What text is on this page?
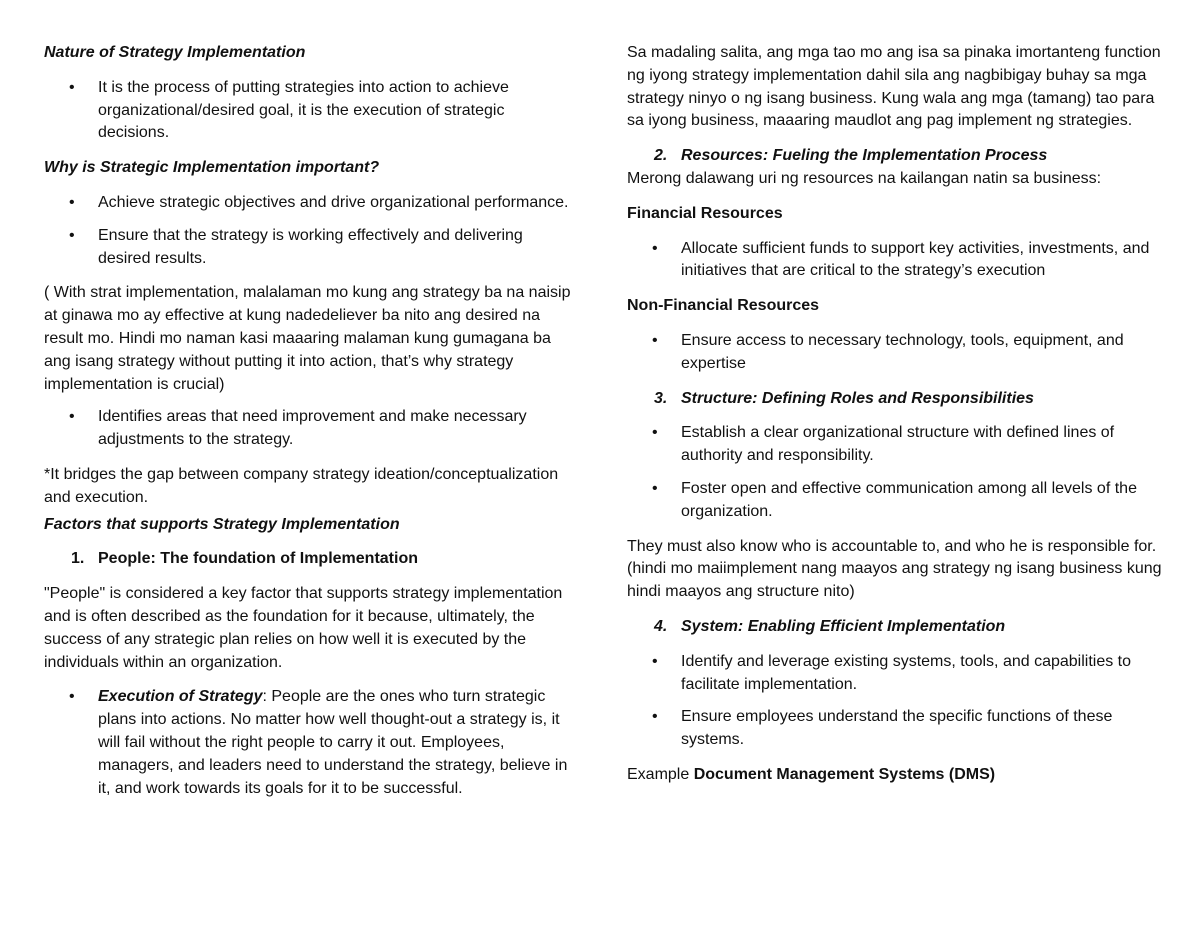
Nature of Strategy Implementation

• It is the process of putting strategies into action to achieve organizational/desired goal, it is the execution of strategic decisions.

Why is Strategic Implementation important?

• Achieve strategic objectives and drive organizational performance.
• Ensure that the strategy is working effectively and delivering desired results.

( With strat implementation, malalaman mo kung ang strategy ba na naisip at ginawa mo ay effective at kung nadedeliever ba nito ang desired na result mo. Hindi mo naman kasi maaaring malaman kung gumagana ba ang isang strategy without putting it into action, that’s why strategy implementation is crucial)

• Identifies areas that need improvement and make necessary adjustments to the strategy.

*It bridges the gap between company strategy ideation/conceptualization and execution.

Factors that supports Strategy Implementation

1. People: The foundation of Implementation

"People" is considered a key factor that supports strategy implementation and is often described as the foundation for it because, ultimately, the success of any strategic plan relies on how well it is executed by the individuals within an organization.

• Execution of Strategy: People are the ones who turn strategic plans into actions. No matter how well thought-out a strategy is, it will fail without the right people to carry it out. Employees, managers, and leaders need to understand the strategy, believe in it, and work towards its goals for it to be successful.

Sa madaling salita, ang mga tao mo ang isa sa pinaka imortanteng function ng iyong strategy implementation dahil sila ang nagbibigay buhay sa mga strategy ninyo o ng isang business. Kung wala ang mga (tamang) tao para sa iyong business, maaaring maudlot ang pag implement ng strategies.

2. Resources: Fueling the Implementation Process

Merong dalawang uri ng resources na kailangan natin sa business:

Financial Resources

• Allocate sufficient funds to support key activities, investments, and initiatives that are critical to the strategy’s execution

Non-Financial Resources

• Ensure access to necessary technology, tools, equipment, and expertise
3. Structure: Defining Roles and Responsibilities
• Establish a clear organizational structure with defined lines of authority and responsibility.
• Foster open and effective communication among all levels of the organization.

They must also know who is accountable to, and who he is responsible for. (hindi mo maiimplement nang maayos ang strategy ng isang business kung hindi maayos ang structure nito)

4. System: Enabling Efficient Implementation
• Identify and leverage existing systems, tools, and capabilities to facilitate implementation.
• Ensure employees understand the specific functions of these systems.

Example Document Management Systems (DMS)
